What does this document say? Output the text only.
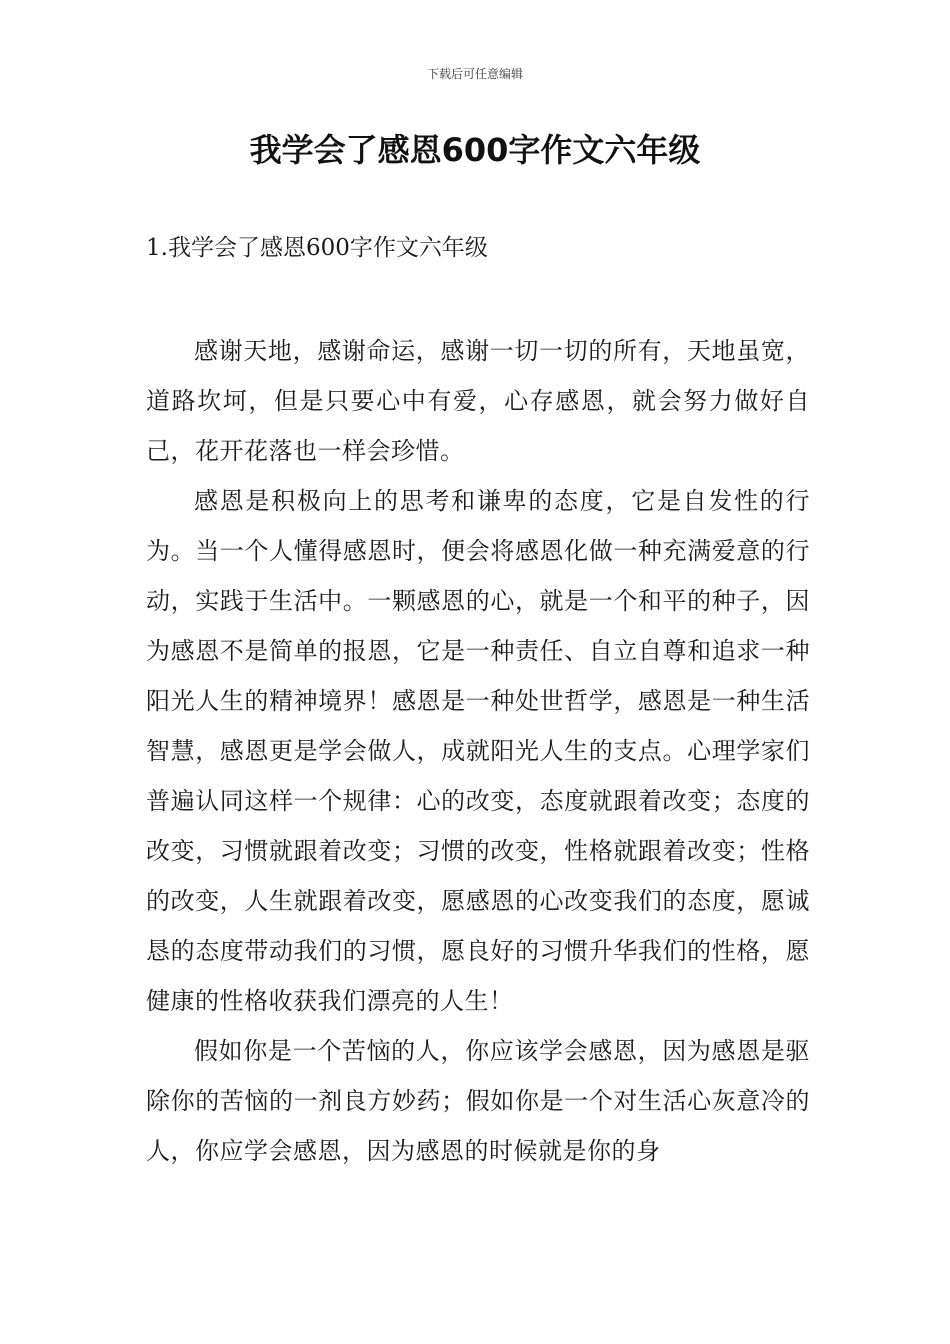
下载后可任意编辑
我学会了感恩600字作文六年级
1.我学会了感恩600字作文六年级

感谢天地，感谢命运，感谢一切一切的所有，天地虽宽，道路坎坷，但是只要心中有爱，心存感恩，就会努力做好自己，花开花落也一样会珍惜。

感恩是积极向上的思考和谦卑的态度，它是自发性的行为。当一个人懂得感恩时，便会将感恩化做一种充满爱意的行动，实践于生活中。一颗感恩的心，就是一个和平的种子，因为感恩不是简单的报恩，它是一种责任、自立自尊和追求一种阳光人生的精神境界！感恩是一种处世哲学，感恩是一种生活智慧，感恩更是学会做人，成就阳光人生的支点。心理学家们普遍认同这样一个规律：心的改变，态度就跟着改变；态度的改变，习惯就跟着改变；习惯的改变，性格就跟着改变；性格的改变，人生就跟着改变，愿感恩的心改变我们的态度，愿诚恳的态度带动我们的习惯，愿良好的习惯升华我们的性格，愿健康的性格收获我们漂亮的人生！

假如你是一个苦恼的人，你应该学会感恩，因为感恩是驱除你的苦恼的一剂良方妙药；假如你是一个对生活心灰意冷的人，你应学会感恩，因为感恩的时候就是你的身
